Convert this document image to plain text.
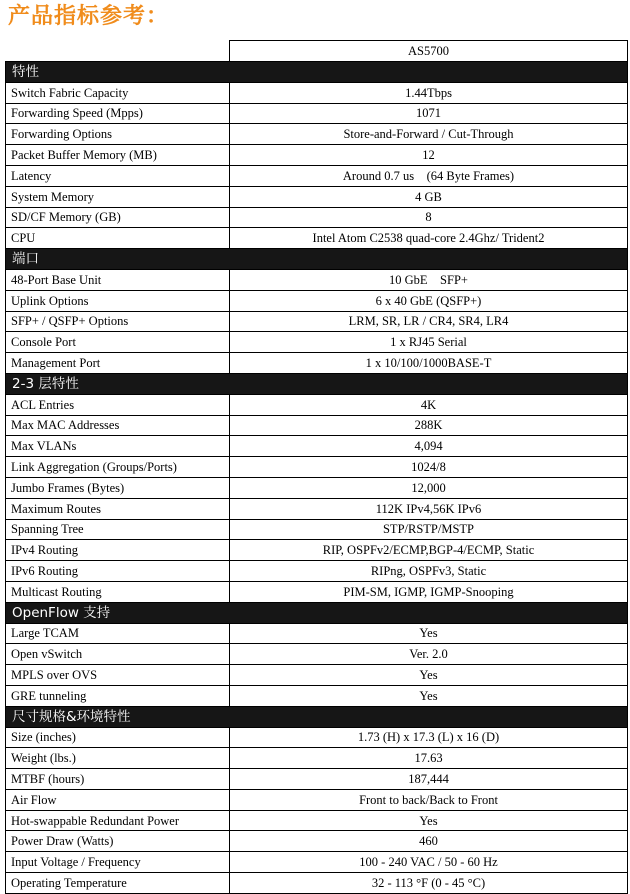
产品指标参考：
	AS5700
特性	
Switch Fabric Capacity	1.44Tbps
Forwarding Speed (Mpps)	1071
Forwarding Options	Store-and-Forward / Cut-Through
Packet Buffer Memory (MB)	12
Latency	Around 0.7 us    (64 Byte Frames)
System Memory	4 GB
SD/CF Memory (GB)	8
CPU	Intel Atom C2538 quad-core 2.4Ghz/ Trident2
端口	
48-Port Base Unit	10 GbE    SFP+
Uplink Options	6 x 40 GbE (QSFP+)
SFP+ / QSFP+ Options	LRM, SR, LR / CR4, SR4, LR4
Console Port	1 x RJ45 Serial
Management Port	1 x 10/100/1000BASE-T
2-3 层特性	
ACL Entries	4K
Max MAC Addresses	288K
Max VLANs	4,094
Link Aggregation (Groups/Ports)	1024/8
Jumbo Frames (Bytes)	12,000
Maximum Routes	112K IPv4,56K IPv6
Spanning Tree	STP/RSTP/MSTP
IPv4 Routing	RIP, OSPFv2/ECMP,BGP-4/ECMP, Static
IPv6 Routing	RIPng, OSPFv3, Static
Multicast Routing	PIM-SM, IGMP, IGMP-Snooping
OpenFlow 支持	
Large TCAM	Yes
Open vSwitch	Ver. 2.0
MPLS over OVS	Yes
GRE tunneling	Yes
尺寸规格&环境特性	
Size (inches)	1.73 (H) x 17.3 (L) x 16 (D)
Weight (lbs.)	17.63
MTBF (hours)	187,444
Air Flow	Front to back/Back to Front
Hot-swappable Redundant Power	Yes
Power Draw (Watts)	460
Input Voltage / Frequency	100 - 240 VAC / 50 - 60 Hz
Operating Temperature	32 - 113 °F (0 - 45 °C)
